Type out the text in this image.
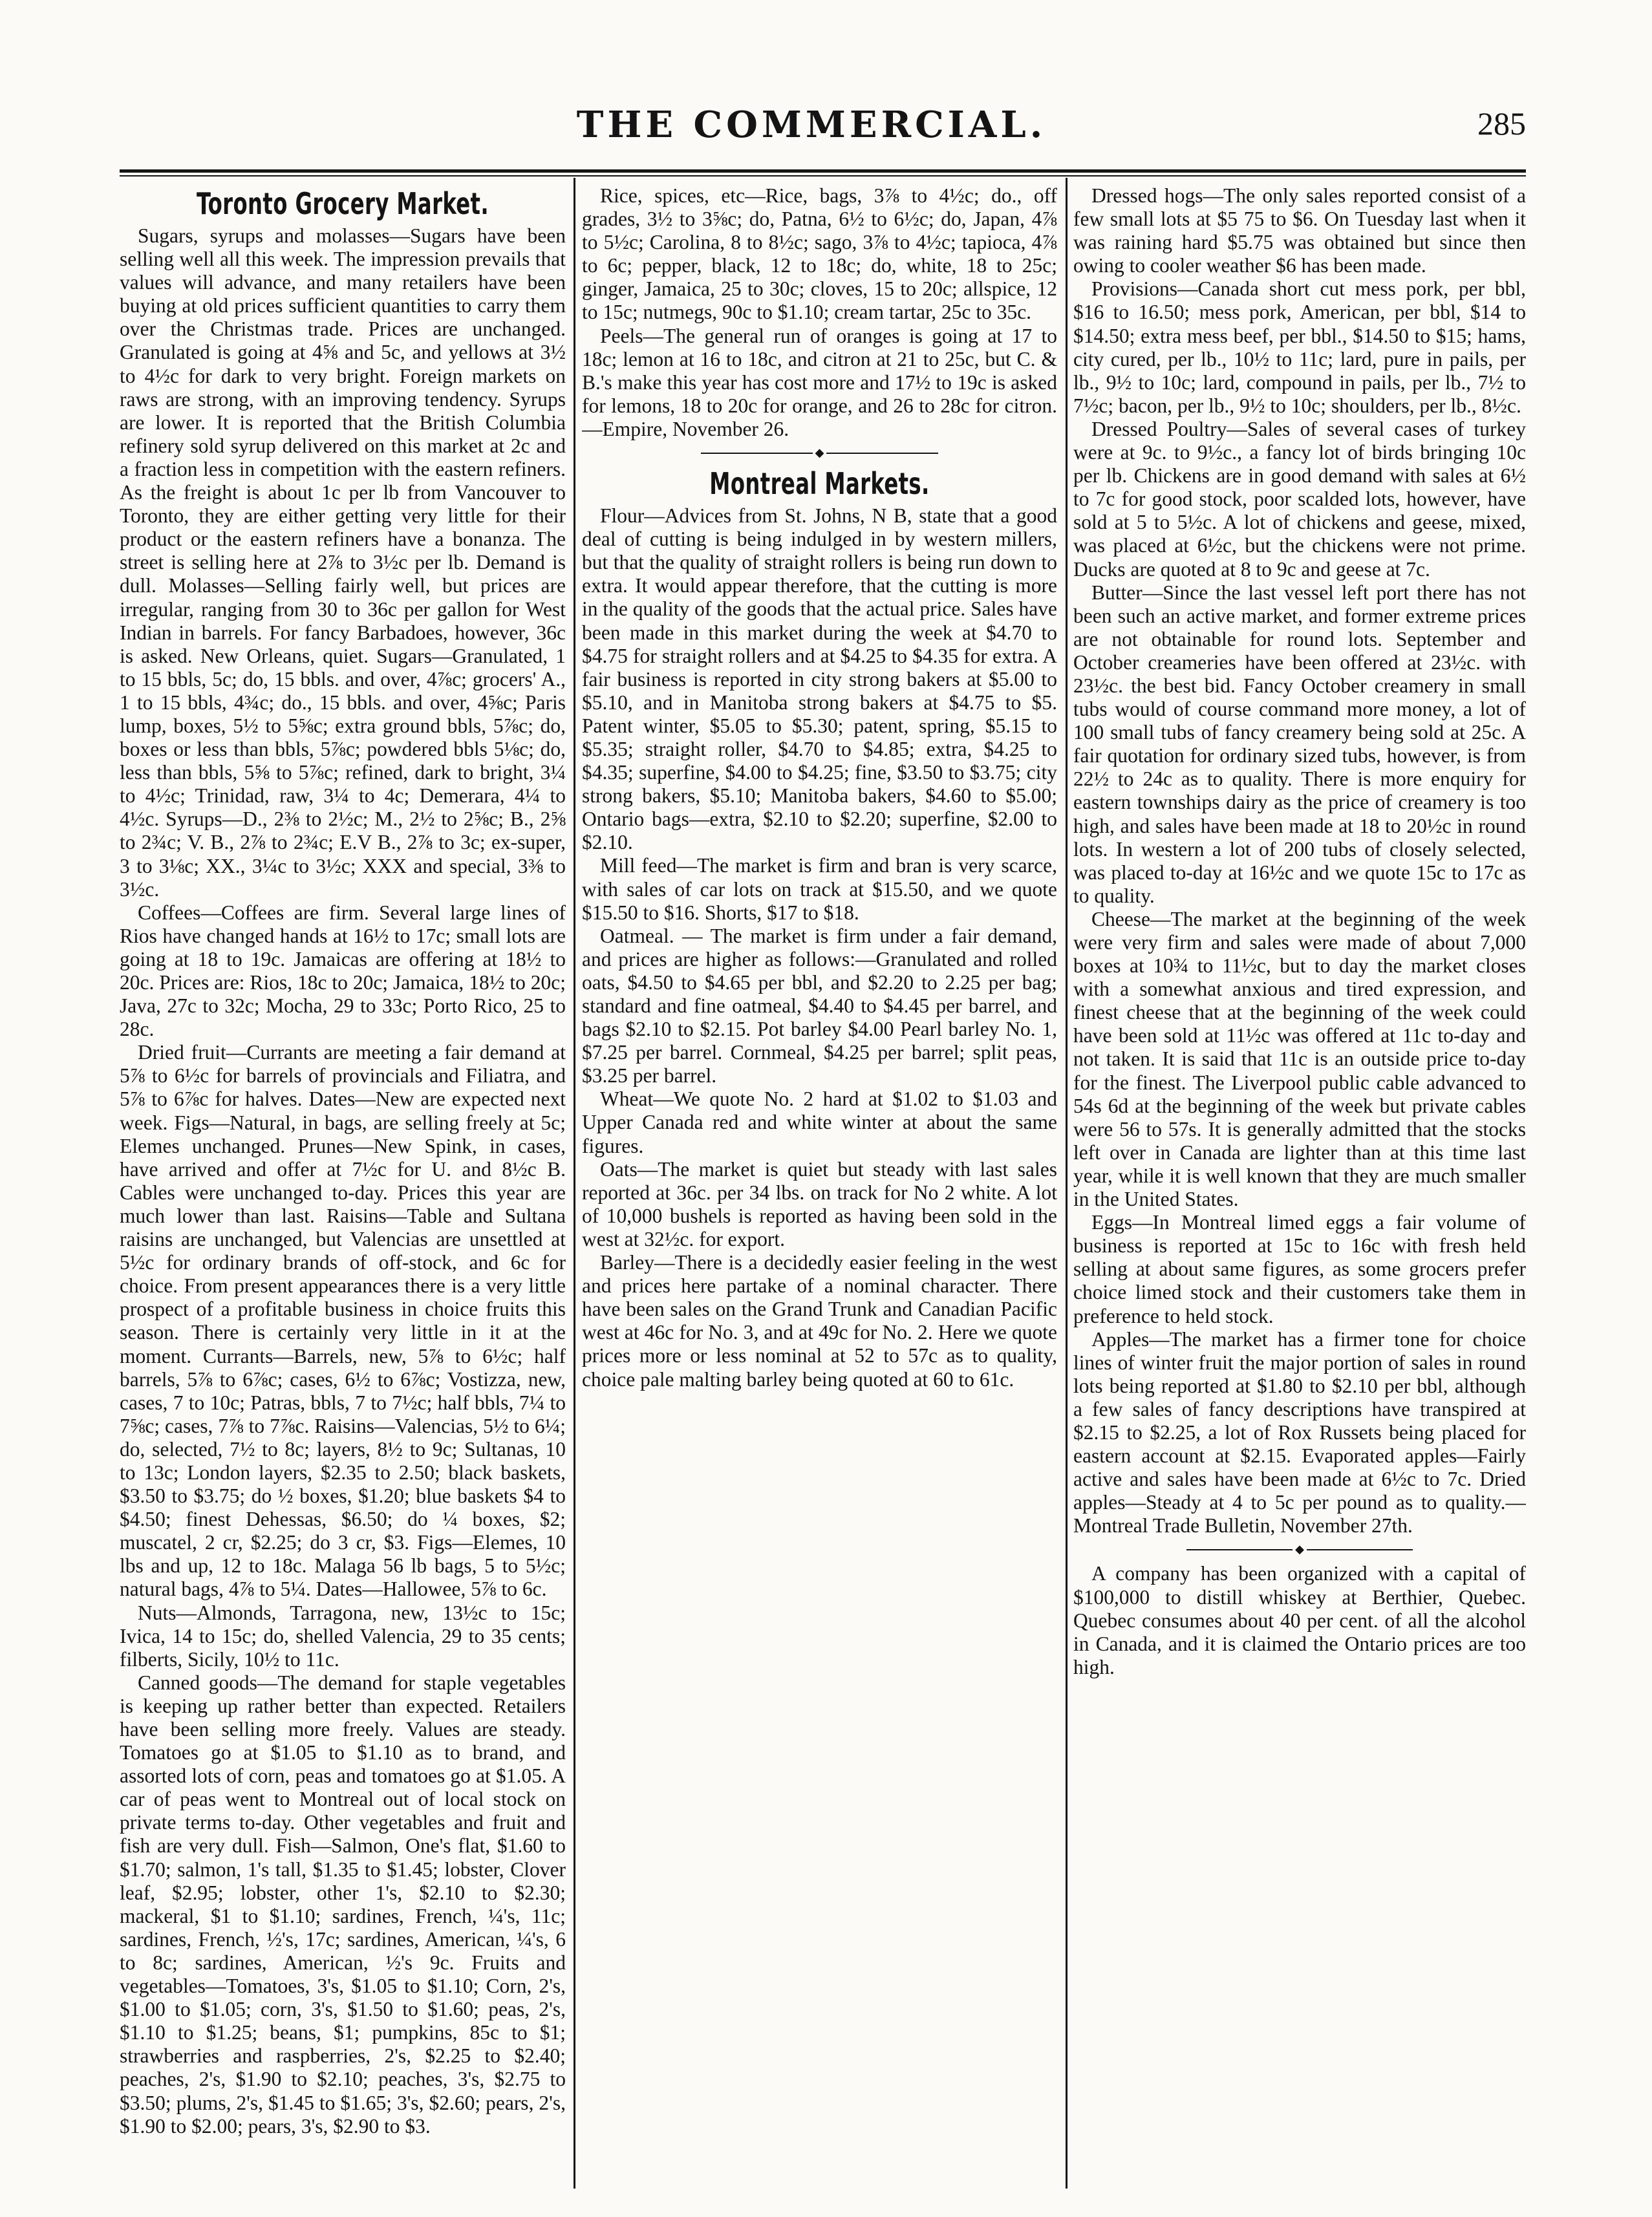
THE COMMERCIAL.	285
Toronto Grocery Market.

Sugars, syrups and molasses—Sugars have been selling well all this week. The impression prevails that values will advance, and many retailers have been buying at old prices sufficient quantities to carry them over the Christmas trade. Prices are unchanged. Granulated is going at 4⅝ and 5c, and yellows at 3½ to 4½c for dark to very bright. Foreign markets on raws are strong, with an improving tendency. Syrups are lower. It is reported that the British Columbia refinery sold syrup delivered on this market at 2c and a fraction less in competition with the eastern refiners. As the freight is about 1c per lb from Vancouver to Toronto, they are either getting very little for their product or the eastern refiners have a bonanza. The street is selling here at 2⅞ to 3½c per lb. Demand is dull. Molasses—Selling fairly well, but prices are irregular, ranging from 30 to 36c per gallon for West Indian in barrels. For fancy Barbadoes, however, 36c is asked. New Orleans, quiet. Sugars—Granulated, 1 to 15 bbls, 5c; do, 15 bbls. and over, 4⅞c; grocers' A., 1 to 15 bbls, 4¾c; do., 15 bbls. and over, 4⅝c; Paris lump, boxes, 5½ to 5⅝c; extra ground bbls, 5⅞c; do, boxes or less than bbls, 5⅞c; powdered bbls 5⅛c; do, less than bbls, 5⅝ to 5⅞c; refined, dark to bright, 3¼ to 4½c; Trinidad, raw, 3¼ to 4c; Demerara, 4¼ to 4½c. Syrups—D., 2⅜ to 2½c; M., 2½ to 2⅝c; B., 2⅝ to 2¾c; V. B., 2⅞ to 2¾c; E.V B., 2⅞ to 3c; ex-super, 3 to 3⅛c; XX., 3¼c to 3½c; XXX and special, 3⅜ to 3½c.

Coffees—Coffees are firm. Several large lines of Rios have changed hands at 16½ to 17c; small lots are going at 18 to 19c. Jamaicas are offering at 18½ to 20c. Prices are: Rios, 18c to 20c; Jamaica, 18½ to 20c; Java, 27c to 32c; Mocha, 29 to 33c; Porto Rico, 25 to 28c.

Dried fruit—Currants are meeting a fair demand at 5⅞ to 6½c for barrels of provincials and Filiatra, and 5⅞ to 6⅞c for halves. Dates—New are expected next week. Figs—Natural, in bags, are selling freely at 5c; Elemes unchanged. Prunes—New Spink, in cases, have arrived and offer at 7½c for U. and 8½c B. Cables were unchanged to-day. Prices this year are much lower than last. Raisins—Table and Sultana raisins are unchanged, but Valencias are unsettled at 5½c for ordinary brands of off-stock, and 6c for choice. From present appearances there is a very little prospect of a profitable business in choice fruits this season. There is certainly very little in it at the moment. Currants—Barrels, new, 5⅞ to 6½c; half barrels, 5⅞ to 6⅞c; cases, 6½ to 6⅞c; Vostizza, new, cases, 7 to 10c; Patras, bbls, 7 to 7½c; half bbls, 7¼ to 7⅝c; cases, 7⅞ to 7⅞c. Raisins—Valencias, 5½ to 6¼; do, selected, 7½ to 8c; layers, 8½ to 9c; Sultanas, 10 to 13c; London layers, $2.35 to 2.50; black baskets, $3.50 to $3.75; do ½ boxes, $1.20; blue baskets $4 to $4.50; finest Dehessas, $6.50; do ¼ boxes, $2; muscatel, 2 cr, $2.25; do 3 cr, $3. Figs—Elemes, 10 lbs and up, 12 to 18c. Malaga 56 lb bags, 5 to 5½c; natural bags, 4⅞ to 5¼. Dates—Hallowee, 5⅞ to 6c.

Nuts—Almonds, Tarragona, new, 13½c to 15c; Ivica, 14 to 15c; do, shelled Valencia, 29 to 35 cents; filberts, Sicily, 10½ to 11c.

Canned goods—The demand for staple vegetables is keeping up rather better than expected. Retailers have been selling more freely. Values are steady. Tomatoes go at $1.05 to $1.10 as to brand, and assorted lots of corn, peas and tomatoes go at $1.05. A car of peas went to Montreal out of local stock on private terms to-day. Other vegetables and fruit and fish are very dull. Fish—Salmon, One's flat, $1.60 to $1.70; salmon, 1's tall, $1.35 to $1.45; lobster, Clover leaf, $2.95; lobster, other 1's, $2.10 to $2.30; mackeral, $1 to $1.10; sardines, French, ¼'s, 11c; sardines, French, ½'s, 17c; sardines, American, ¼'s, 6 to 8c; sardines, American, ½'s 9c. Fruits and vegetables—Tomatoes, 3's, $1.05 to $1.10; Corn, 2's, $1.00 to $1.05; corn, 3's, $1.50 to $1.60; peas, 2's, $1.10 to $1.25; beans, $1; pumpkins, 85c to $1; strawberries and raspberries, 2's, $2.25 to $2.40; peaches, 2's, $1.90 to $2.10; peaches, 3's, $2.75 to $3.50; plums, 2's, $1.45 to $1.65; 3's, $2.60; pears, 2's, $1.90 to $2.00; pears, 3's, $2.90 to $3.

Rice, spices, etc—Rice, bags, 3⅞ to 4½c; do., off grades, 3½ to 3⅝c; do, Patna, 6½ to 6½c; do, Japan, 4⅞ to 5½c; Carolina, 8 to 8½c; sago, 3⅞ to 4½c; tapioca, 4⅞ to 6c; pepper, black, 12 to 18c; do, white, 18 to 25c; ginger, Jamaica, 25 to 30c; cloves, 15 to 20c; allspice, 12 to 15c; nutmegs, 90c to $1.10; cream tartar, 25c to 35c.

Peels—The general run of oranges is going at 17 to 18c; lemon at 16 to 18c, and citron at 21 to 25c, but C. & B.'s make this year has cost more and 17½ to 19c is asked for lemons, 18 to 20c for orange, and 26 to 28c for citron.—Empire, November 26.

◆
Montreal Markets.

Flour—Advices from St. Johns, N B, state that a good deal of cutting is being indulged in by western millers, but that the quality of straight rollers is being run down to extra. It would appear therefore, that the cutting is more in the quality of the goods that the actual price. Sales have been made in this market during the week at $4.70 to $4.75 for straight rollers and at $4.25 to $4.35 for extra. A fair business is reported in city strong bakers at $5.00 to $5.10, and in Manitoba strong bakers at $4.75 to $5. Patent winter, $5.05 to $5.30; patent, spring, $5.15 to $5.35; straight roller, $4.70 to $4.85; extra, $4.25 to $4.35; superfine, $4.00 to $4.25; fine, $3.50 to $3.75; city strong bakers, $5.10; Manitoba bakers, $4.60 to $5.00; Ontario bags—extra, $2.10 to $2.20; superfine, $2.00 to $2.10.

Mill feed—The market is firm and bran is very scarce, with sales of car lots on track at $15.50, and we quote $15.50 to $16. Shorts, $17 to $18.

Oatmeal. — The market is firm under a fair demand, and prices are higher as follows:—Granulated and rolled oats, $4.50 to $4.65 per bbl, and $2.20 to 2.25 per bag; standard and fine oatmeal, $4.40 to $4.45 per barrel, and bags $2.10 to $2.15. Pot barley $4.00 Pearl barley No. 1, $7.25 per barrel. Cornmeal, $4.25 per barrel; split peas, $3.25 per barrel.

Wheat—We quote No. 2 hard at $1.02 to $1.03 and Upper Canada red and white winter at about the same figures.

Oats—The market is quiet but steady with last sales reported at 36c. per 34 lbs. on track for No 2 white. A lot of 10,000 bushels is reported as having been sold in the west at 32½c. for export.

Barley—There is a decidedly easier feeling in the west and prices here partake of a nominal character. There have been sales on the Grand Trunk and Canadian Pacific west at 46c for No. 3, and at 49c for No. 2. Here we quote prices more or less nominal at 52 to 57c as to quality, choice pale malting barley being quoted at 60 to 61c.

Dressed hogs—The only sales reported consist of a few small lots at $5 75 to $6. On Tuesday last when it was raining hard $5.75 was obtained but since then owing to cooler weather $6 has been made.

Provisions—Canada short cut mess pork, per bbl, $16 to 16.50; mess pork, American, per bbl, $14 to $14.50; extra mess beef, per bbl., $14.50 to $15; hams, city cured, per lb., 10½ to 11c; lard, pure in pails, per lb., 9½ to 10c; lard, compound in pails, per lb., 7½ to 7½c; bacon, per lb., 9½ to 10c; shoulders, per lb., 8½c.

Dressed Poultry—Sales of several cases of turkey were at 9c. to 9½c., a fancy lot of birds bringing 10c per lb. Chickens are in good demand with sales at 6½ to 7c for good stock, poor scalded lots, however, have sold at 5 to 5½c. A lot of chickens and geese, mixed, was placed at 6½c, but the chickens were not prime. Ducks are quoted at 8 to 9c and geese at 7c.

Butter—Since the last vessel left port there has not been such an active market, and former extreme prices are not obtainable for round lots. September and October creameries have been offered at 23½c. with 23½c. the best bid. Fancy October creamery in small tubs would of course command more money, a lot of 100 small tubs of fancy creamery being sold at 25c. A fair quotation for ordinary sized tubs, however, is from 22½ to 24c as to quality. There is more enquiry for eastern townships dairy as the price of creamery is too high, and sales have been made at 18 to 20½c in round lots. In western a lot of 200 tubs of closely selected, was placed to-day at 16½c and we quote 15c to 17c as to quality.

Cheese—The market at the beginning of the week were very firm and sales were made of about 7,000 boxes at 10¾ to 11½c, but to day the market closes with a somewhat anxious and tired expression, and finest cheese that at the beginning of the week could have been sold at 11½c was offered at 11c to-day and not taken. It is said that 11c is an outside price to-day for the finest. The Liverpool public cable advanced to 54s 6d at the beginning of the week but private cables were 56 to 57s. It is generally admitted that the stocks left over in Canada are lighter than at this time last year, while it is well known that they are much smaller in the United States.

Eggs—In Montreal limed eggs a fair volume of business is reported at 15c to 16c with fresh held selling at about same figures, as some grocers prefer choice limed stock and their customers take them in preference to held stock.

Apples—The market has a firmer tone for choice lines of winter fruit the major portion of sales in round lots being reported at $1.80 to $2.10 per bbl, although a few sales of fancy descriptions have transpired at $2.15 to $2.25, a lot of Rox Russets being placed for eastern account at $2.15. Evaporated apples—Fairly active and sales have been made at 6½c to 7c. Dried apples—Steady at 4 to 5c per pound as to quality.— Montreal Trade Bulletin, November 27th.

◆

A company has been organized with a capital of $100,000 to distill whiskey at Berthier, Quebec. Quebec consumes about 40 per cent. of all the alcohol in Canada, and it is claimed the Ontario prices are too high.
